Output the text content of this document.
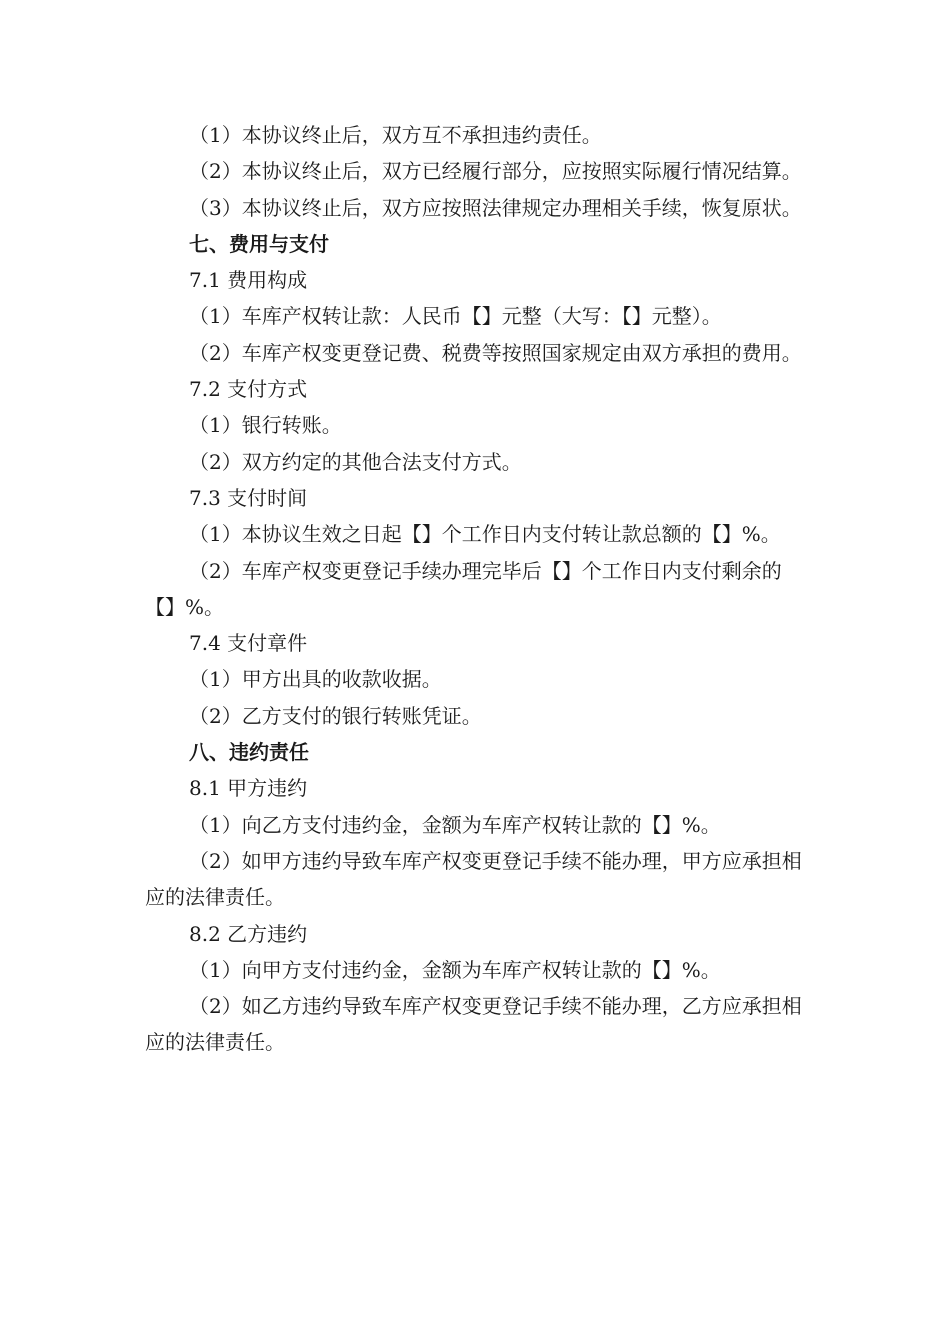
（1）本协议终止后，双方互不承担违约责任。

（2）本协议终止后，双方已经履行部分，应按照实际履行情况结算。

（3）本协议终止后，双方应按照法律规定办理相关手续，恢复原状。

七、费用与支付

7.1 费用构成

（1）车库产权转让款：人民币【】元整（大写：【】元整）。

（2）车库产权变更登记费、税费等按照国家规定由双方承担的费用。

7.2 支付方式

（1）银行转账。

（2）双方约定的其他合法支付方式。

7.3 支付时间

（1）本协议生效之日起【】个工作日内支付转让款总额的【】%。

（2）车库产权变更登记手续办理完毕后【】个工作日内支付剩余的【】%。

7.4 支付章件

（1）甲方出具的收款收据。

（2）乙方支付的银行转账凭证。

八、违约责任

8.1 甲方违约

（1）向乙方支付违约金，金额为车库产权转让款的【】%。

（2）如甲方违约导致车库产权变更登记手续不能办理，甲方应承担相应的法律责任。

8.2 乙方违约

（1）向甲方支付违约金，金额为车库产权转让款的【】%。

（2）如乙方违约导致车库产权变更登记手续不能办理，乙方应承担相应的法律责任。
